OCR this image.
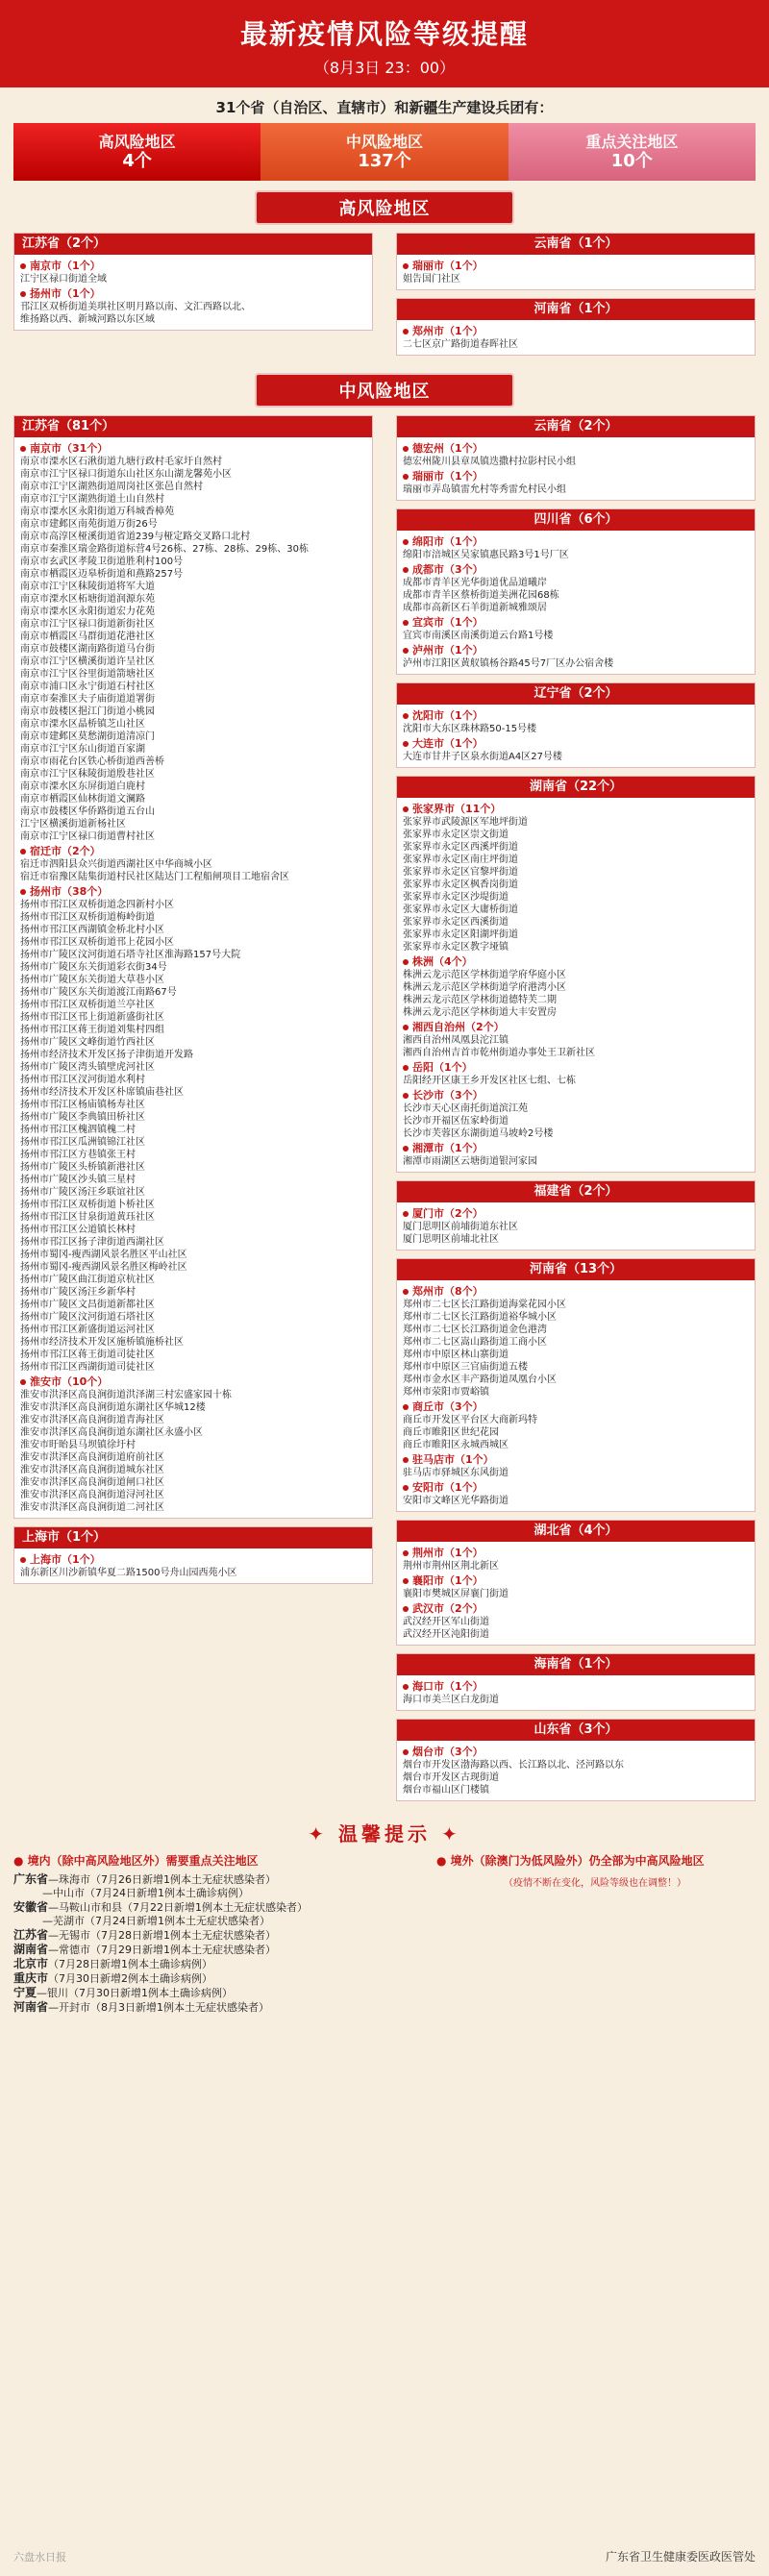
最新疫情风险等级提醒
（8月3日 23：00）
31个省（自治区、直辖市）和新疆生产建设兵团有：
高风险地区
4个
中风险地区
137个
重点关注地区
10个
高风险地区
江苏省（2个）
南京市（1个）
江宁区禄口街道全域
扬州市（1个）
邗江区双桥街道美琪社区明月路以南、文汇西路以北、
维扬路以西、新城河路以东区域
云南省（1个）
瑞丽市（1个）
姐告国门社区
河南省（1个）
郑州市（1个）
二七区京广路街道春晖社区
中风险地区
江苏省（81个）
南京市（31个）
南京市溧水区石湫街道九塘行政村毛家圩自然村
南京市江宁区禄口街道东山社区东山湖龙馨苑小区
南京市江宁区湖熟街道周岗社区张邑自然村
南京市江宁区湖熟街道土山自然村
南京市溧水区永阳街道万科城香樟苑
南京市建邺区南苑街道万街26号
南京市高淳区桠溪街道省道239与桠定路交叉路口北村
南京市秦淮区瑞金路街道标营4号26栋、27栋、28栋、29栋、30栋
南京市玄武区孝陵卫街道胜利村100号
南京市栖霞区迈皋桥街道和燕路257号
南京市江宁区秣陵街道将军大道
南京市溧水区柘塘街道润源东苑
南京市溧水区永阳街道宏力花苑
南京市江宁区禄口街道新街社区
南京市栖霞区马群街道花港社区
南京市鼓楼区湖南路街道马台街
南京市江宁区横溪街道许呈社区
南京市江宁区谷里街道箭塘社区
南京市浦口区永宁街道石村社区
南京市秦淮区夫子庙街道道署街
南京市鼓楼区挹江门街道小桃园
南京市溧水区晶桥镇芝山社区
南京市建邺区莫愁湖街道清凉门
南京市江宁区东山街道百家湖
南京市雨花台区铁心桥街道西善桥
南京市江宁区秣陵街道殷巷社区
南京市溧水区东屏街道白鹿村
南京市栖霞区仙林街道文澜路
南京市鼓楼区华侨路街道五台山
江宁区横溪街道新杨社区
南京市江宁区禄口街道曹村社区
宿迁市（2个）
宿迁市泗阳县众兴街道西湖社区中华商城小区
宿迁市宿豫区陆集街道村民社区陆达门工程船闸项目工地宿舍区
扬州市（38个）
扬州市邗江区双桥街道念四新村小区
扬州市邗江区双桥街道梅岭街道
扬州市邗江区西湖镇金桥北村小区
扬州市邗江区双桥街道邗上花园小区
扬州市广陵区汶河街道石塔寺社区淮海路157号大院
扬州市广陵区东关街道彩衣街34号
扬州市广陵区东关街道大草巷小区
扬州市广陵区东关街道渡江南路67号
扬州市邗江区双桥街道兰亭社区
扬州市邗江区邗上街道新盛街社区
扬州市邗江区蒋王街道刘集村四组
扬州市广陵区文峰街道竹西社区
扬州市经济技术开发区扬子津街道开发路
扬州市广陵区湾头镇壁虎河社区
扬州市邗江区汊河街道水利村
扬州市经济技术开发区朴席镇庙巷社区
扬州市邗江区杨庙镇杨寿社区
扬州市广陵区李典镇田桥社区
扬州市邗江区槐泗镇槐二村
扬州市邗江区瓜洲镇锦江社区
扬州市邗江区方巷镇张王村
扬州市广陵区头桥镇新港社区
扬州市广陵区沙头镇三星村
扬州市广陵区汤汪乡联谊社区
扬州市邗江区双桥街道卜桥社区
扬州市邗江区甘泉街道黄珏社区
扬州市邗江区公道镇长林村
扬州市邗江区扬子津街道西湖社区
扬州市蜀冈-瘦西湖风景名胜区平山社区
扬州市蜀冈-瘦西湖风景名胜区梅岭社区
扬州市广陵区曲江街道京杭社区
扬州市广陵区汤汪乡新华村
扬州市广陵区文昌街道新都社区
扬州市广陵区汶河街道石塔社区
扬州市邗江区新盛街道运河社区
扬州市经济技术开发区施桥镇施桥社区
扬州市邗江区蒋王街道司徒社区
扬州市邗江区西湖街道司徒社区
淮安市（10个）
淮安市洪泽区高良涧街道洪泽湖三村宏盛家园十栋
淮安市洪泽区高良涧街道东湖社区华城12楼
淮安市洪泽区高良涧街道青海社区
淮安市洪泽区高良涧街道东湖社区永盛小区
淮安市盱眙县马坝镇徐圩村
淮安市洪泽区高良涧街道府前社区
淮安市洪泽区高良涧街道城东社区
淮安市洪泽区高良涧街道闸口社区
淮安市洪泽区高良涧街道浔河社区
淮安市洪泽区高良涧街道二河社区
上海市（1个）
上海市（1个）
浦东新区川沙新镇华夏二路1500号舟山园西苑小区
云南省（2个）
德宏州（1个）
德宏州陇川县章凤镇迭撒村拉影村民小组
瑞丽市（1个）
瑞丽市弄岛镇雷允村等秀雷允村民小组
四川省（6个）
绵阳市（1个）
绵阳市涪城区吴家镇惠民路3号1号厂区
成都市（3个）
成都市青羊区光华街道优品道曦岸
成都市青羊区蔡桥街道美洲花园68栋
成都市高新区石羊街道新城雅颂居
宜宾市（1个）
宜宾市南溪区南溪街道云台路1号楼
泸州市（1个）
泸州市江阳区黄舣镇杨谷路45号7厂区办公宿舍楼
辽宁省（2个）
沈阳市（1个）
沈阳市大东区珠林路50-15号楼
大连市（1个）
大连市甘井子区泉水街道A4区27号楼
湖南省（22个）
张家界市（11个）
张家界市武陵源区军地坪街道
张家界市永定区崇文街道
张家界市永定区西溪坪街道
张家界市永定区南庄坪街道
张家界市永定区官黎坪街道
张家界市永定区枫香岗街道
张家界市永定区沙堤街道
张家界市永定区大庸桥街道
张家界市永定区西溪街道
张家界市永定区阳湖坪街道
张家界市永定区教字垭镇
株洲（4个）
株洲云龙示范区学林街道学府华庭小区
株洲云龙示范区学林街道学府港湾小区
株洲云龙示范区学林街道德特芙二期
株洲云龙示范区学林街道大丰安置房
湘西自治州（2个）
湘西自治州凤凰县沱江镇
湘西自治州吉首市乾州街道办事处王卫新社区
岳阳（1个）
岳阳经开区康王乡开发区社区七组、七栋
长沙市（3个）
长沙市天心区南托街道滨江苑
长沙市开福区伍家岭街道
长沙市芙蓉区东湖街道马坡岭2号楼
湘潭市（1个）
湘潭市雨湖区云塘街道银河家园
福建省（2个）
厦门市（2个）
厦门思明区前埔街道东社区
厦门思明区前埔北社区
河南省（13个）
郑州市（8个）
郑州市二七区长江路街道海棠花园小区
郑州市二七区长江路街道裕华城小区
郑州市二七区长江路街道金色港湾
郑州市二七区嵩山路街道工商小区
郑州市中原区林山寨街道
郑州市中原区三官庙街道五楼
郑州市金水区丰产路街道凤凰台小区
郑州市荥阳市贾峪镇
商丘市（3个）
商丘市开发区平台区大商新玛特
商丘市睢阳区世纪花园
商丘市睢阳区永城西城区
驻马店市（1个）
驻马店市驿城区东风街道
安阳市（1个）
安阳市文峰区光华路街道
湖北省（4个）
荆州市（1个）
荆州市荆州区荆北新区
襄阳市（1个）
襄阳市樊城区屏襄门街道
武汉市（2个）
武汉经开区军山街道
武汉经开区沌阳街道
海南省（1个）
海口市（1个）
海口市美兰区白龙街道
山东省（3个）
烟台市（3个）
烟台市开发区渤海路以西、长江路以北、泾河路以东
烟台市开发区古现街道
烟台市福山区门楼镇
✦ 温馨提示 ✦
● 境内（除中高风险地区外）需要重点关注地区
广东省—珠海市（7月26日新增1例本土无症状感染者）
—中山市（7月24日新增1例本土确诊病例）
安徽省—马鞍山市和县（7月22日新增1例本土无症状感染者）
—芜湖市（7月24日新增1例本土无症状感染者）
江苏省—无锡市（7月28日新增1例本土无症状感染者）
湖南省—常德市（7月29日新增1例本土无症状感染者）
北京市（7月28日新增1例本土确诊病例）
重庆市（7月30日新增2例本土确诊病例）
宁夏—银川（7月30日新增1例本土确诊病例）
河南省—开封市（8月3日新增1例本土无症状感染者）
● 境外（除澳门为低风险外）仍全部为中高风险地区
（疫情不断在变化，风险等级也在调整！）
六盘水日报	广东省卫生健康委医政医管处
